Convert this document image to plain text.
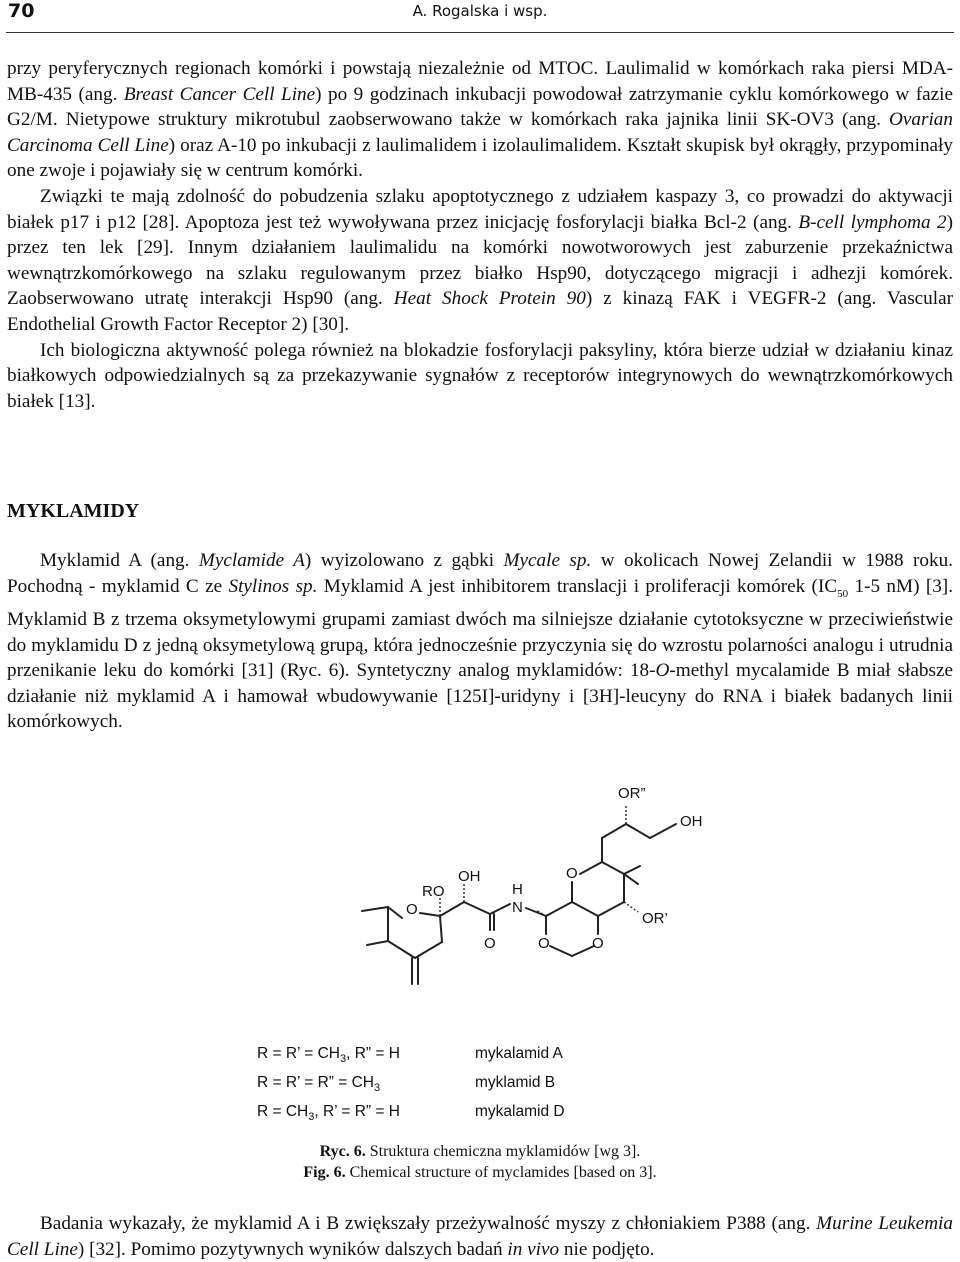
70	A. Rogalska i wsp.

przy peryferycznych regionach komórki i powstają niezależnie od MTOC. Laulimalid w komórkach raka piersi MDA-MB-435 (ang. Breast Cancer Cell Line) po 9 godzinach inkubacji powodował zatrzymanie cyklu komórkowego w fazie G2/M. Nietypowe struktury mikrotubul zaobserwowano także w komórkach raka jajnika linii SK-OV3 (ang. Ovarian Carcinoma Cell Line) oraz A-10 po inkubacji z laulimalidem i izolaulimalidem. Kształt skupisk był okrągły, przypominały one zwoje i pojawiały się w centrum komórki.

Związki te mają zdolność do pobudzenia szlaku apoptotycznego z udziałem kaspazy 3, co prowadzi do aktywacji białek p17 i p12 [28]. Apoptoza jest też wywoływana przez inicjację fosforylacji białka Bcl-2 (ang. B-cell lymphoma 2) przez ten lek [29]. Innym działaniem laulimalidu na komórki nowotworowych jest zaburzenie przekaźnictwa wewnątrzkomórkowego na szlaku regulowanym przez białko Hsp90, dotyczącego migracji i adhezji komórek. Zaobserwowano utratę interakcji Hsp90 (ang. Heat Shock Protein 90) z kinazą FAK i VEGFR-2 (ang. Vascular Endothelial Growth Factor Receptor 2) [30].

Ich biologiczna aktywność polega również na blokadzie fosforylacji paksyliny, która bierze udział w działaniu kinaz białkowych odpowiedzialnych są za przekazywanie sygnałów z receptorów integrynowych do wewnątrzkomórkowych białek [13].

MYKLAMIDY

Myklamid A (ang. Myclamide A) wyizolowano z gąbki Mycale sp. w okolicach Nowej Zelandii w 1988 roku. Pochodną - myklamid C ze Stylinos sp. Myklamid A jest inhibitorem translacji i proliferacji komórek ($IC_{50}$ 1-5 nM) [3]. Myklamid B z trzema oksymetylowymi grupami zamiast dwóch ma silniejsze działanie cytotoksyczne w przeciwieństwie do myklamidu D z jedną oksymetylową grupą, która jednocześnie przyczynia się do wzrostu polarności analogu i utrudnia przenikanie leku do komórki [31] (Ryc. 6). Syntetyczny analog myklamidów: 18-O-methyl mycalamide B miał słabsze działanie niż myklamid A i hamował wbudowywanie [125I]-uridyny i [3H]-leucyny do RNA i białek badanych linii komórkowych.

OR”
OH
O
OH
RO
O
H
N
OR’
O	O	O
R = R’ = $CH_3$, R” = H	mykalamid A
R = R’ = R” = $CH_3$	myklamid B
$R = CH_3$, R’ = R” = H	mykalamid D
Ryc. 6. Struktura chemiczna myklamidów [wg 3].
Fig. 6. Chemical structure of myclamides [based on 3].

Badania wykazały, że myklamid A i B zwiększały przeżywalność myszy z chłoniakiem P388 (ang. Murine Leukemia Cell Line) [32]. Pomimo pozytywnych wyników dalszych badań in vivo nie podjęto.
